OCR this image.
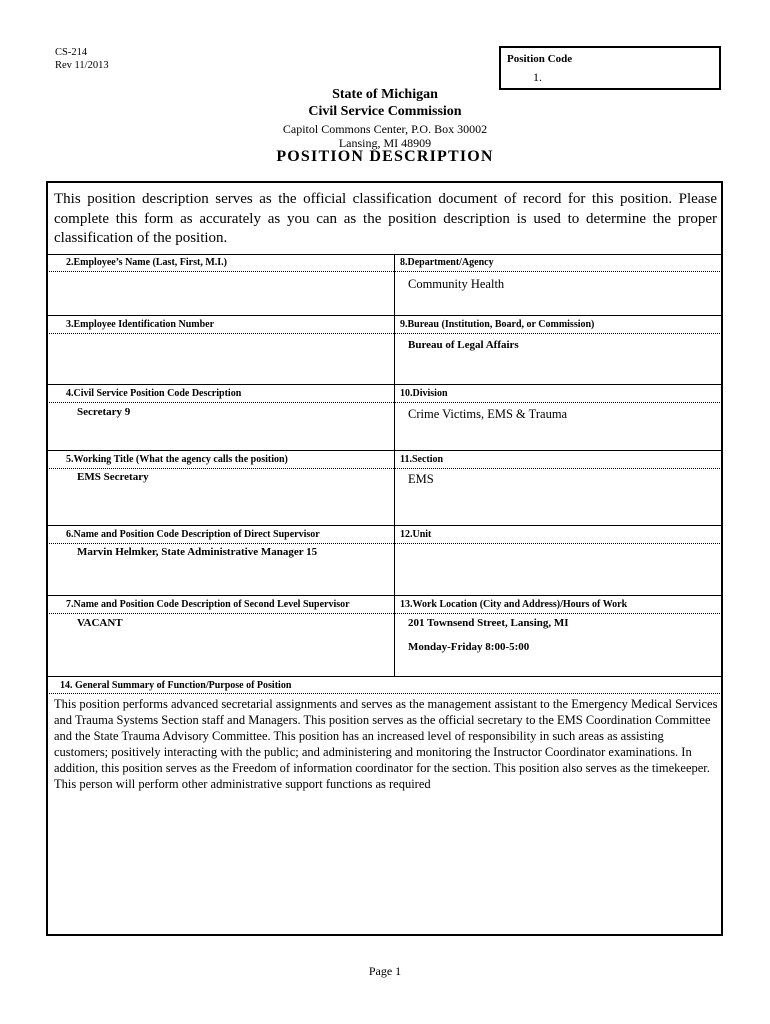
CS-214
Rev 11/2013
Position Code
1.
State of Michigan
Civil Service Commission
Capitol Commons Center, P.O. Box 30002
Lansing, MI 48909
POSITION DESCRIPTION
This position description serves as the official classification document of record for this position. Please complete this form as accurately as you can as the position description is used to determine the proper classification of the position.
2.Employee’s Name (Last, First, M.I.)	8.Department/Agency
Community Health
3.Employee Identification Number	9.Bureau (Institution, Board, or Commission)
Bureau of Legal Affairs
4.Civil Service Position Code Description
Secretary 9
10.Division
Crime Victims, EMS & Trauma
5.Working Title (What the agency calls the position)
EMS Secretary
11.Section
EMS
6.Name and Position Code Description of Direct Supervisor
Marvin Helmker, State Administrative Manager 15
12.Unit
7.Name and Position Code Description of Second Level Supervisor
VACANT
13.Work Location (City and Address)/Hours of Work
201 Townsend Street, Lansing, MI
Monday-Friday 8:00-5:00
14. General Summary of Function/Purpose of Position
This position performs advanced secretarial assignments and serves as the management assistant to the Emergency Medical Services and Trauma Systems Section staff and Managers. This position serves as the official secretary to the EMS Coordination Committee and the State Trauma Advisory Committee. This position has an increased level of responsibility in such areas as assisting customers; positively interacting with the public; and administering and monitoring the Instructor Coordinator examinations. In addition, this position serves as the Freedom of information coordinator for the section. This position also serves as the timekeeper. This person will perform other administrative support functions as required
Page 1
